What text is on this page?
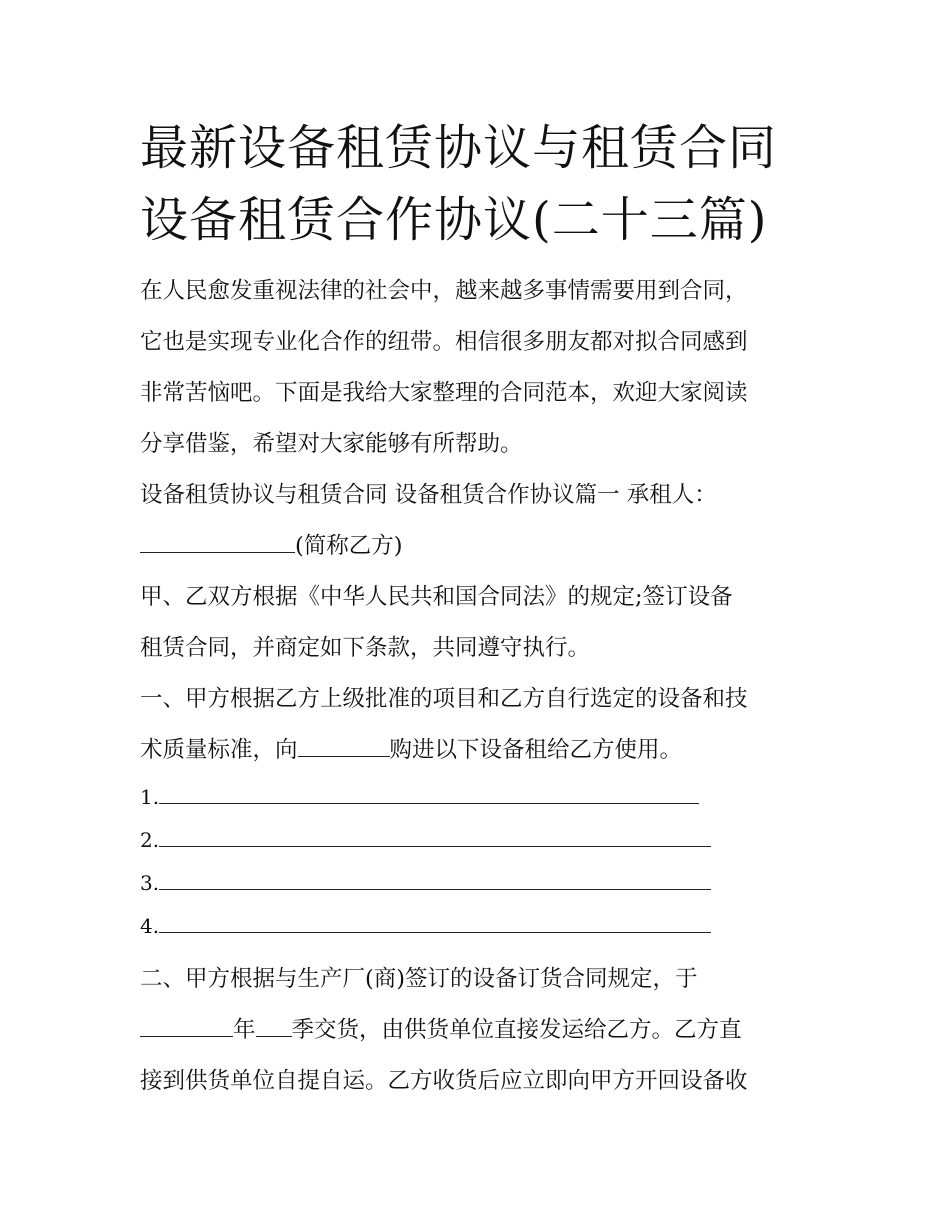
最新设备租赁协议与租赁合同
设备租赁合作协议(二十三篇)

在人民愈发重视法律的社会中，越来越多事情需要用到合同，

它也是实现专业化合作的纽带。相信很多朋友都对拟合同感到

非常苦恼吧。下面是我给大家整理的合同范本，欢迎大家阅读

分享借鉴，希望对大家能够有所帮助。

设备租赁协议与租赁合同 设备租赁合作协议篇一 承租人：

(简称乙方)

甲、乙双方根据《中华人民共和国合同法》的规定;签订设备

租赁合同，并商定如下条款，共同遵守执行。

一、甲方根据乙方上级批准的项目和乙方自行选定的设备和技

术质量标准，向	购进以下设备租给乙方使用。

1.

2.

3.

4.

二、甲方根据与生产厂(商)签订的设备订货合同规定，于

年 季交货，由供货单位直接发运给乙方。乙方直

接到供货单位自提自运。乙方收货后应立即向甲方开回设备收
